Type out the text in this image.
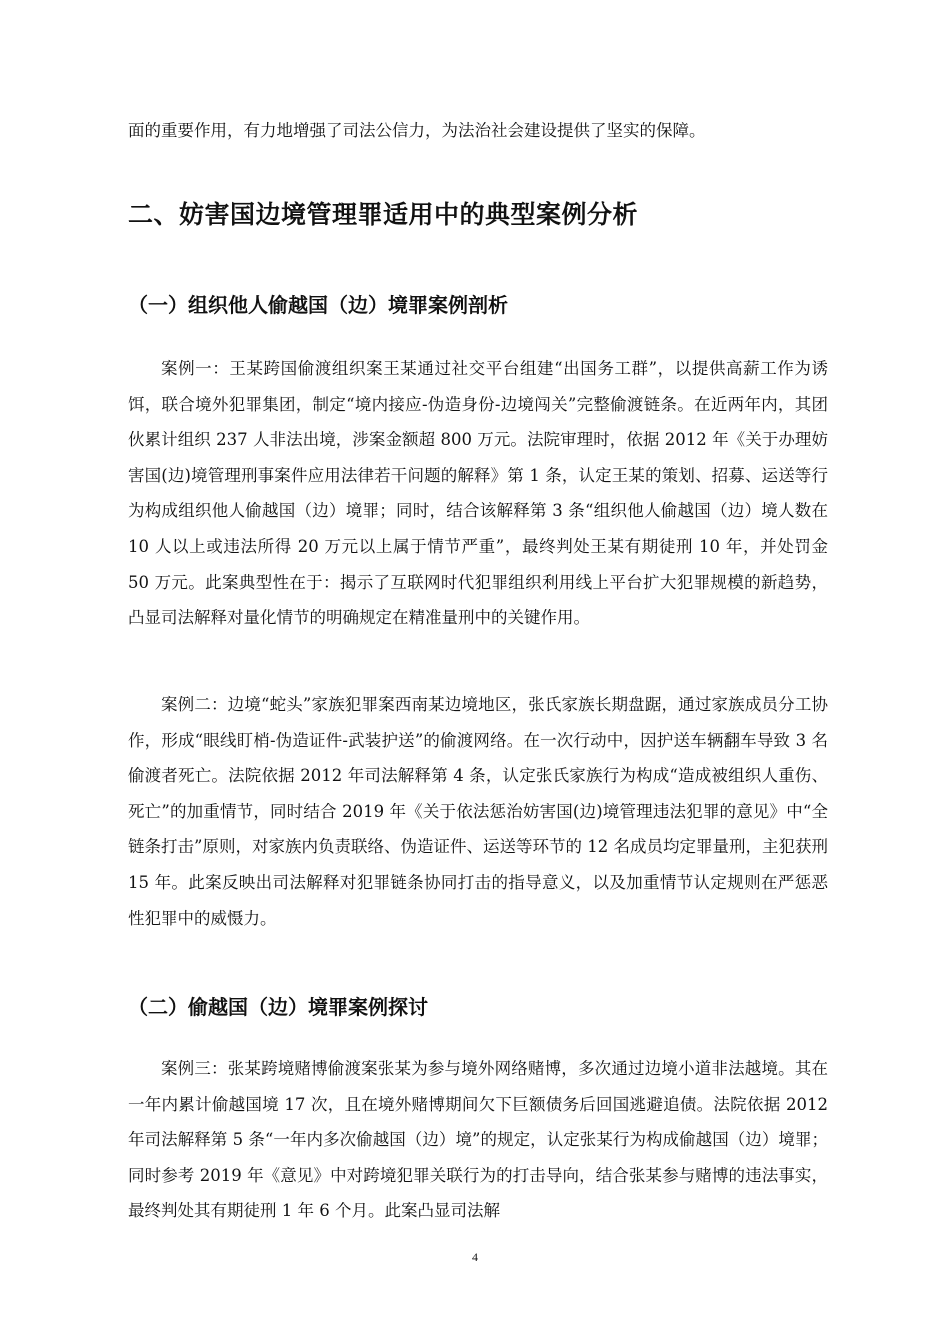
面的重要作用，有力地增强了司法公信力，为法治社会建设提供了坚实的保障。

二、妨害国边境管理罪适用中的典型案例分析
（一）组织他人偷越国（边）境罪案例剖析

案例一：王某跨国偷渡组织案王某通过社交平台组建“出国务工群”，以提供高薪工作为诱饵，联合境外犯罪集团，制定“境内接应-伪造身份-边境闯关”完整偷渡链条。在近两年内，其团伙累计组织 237 人非法出境，涉案金额超 800 万元。法院审理时，依据 2012 年《关于办理妨害国(边)境管理刑事案件应用法律若干问题的解释》第 1 条，认定王某的策划、招募、运送等行为构成组织他人偷越国（边）境罪；同时，结合该解释第 3 条“组织他人偷越国（边）境人数在 10 人以上或违法所得 20 万元以上属于情节严重”，最终判处王某有期徒刑 10 年，并处罚金 50 万元。此案典型性在于：揭示了互联网时代犯罪组织利用线上平台扩大犯罪规模的新趋势，凸显司法解释对量化情节的明确规定在精准量刑中的关键作用。

案例二：边境“蛇头”家族犯罪案西南某边境地区，张氏家族长期盘踞，通过家族成员分工协作，形成“眼线盯梢-伪造证件-武装护送”的偷渡网络。在一次行动中，因护送车辆翻车导致 3 名偷渡者死亡。法院依据 2012 年司法解释第 4 条，认定张氏家族行为构成“造成被组织人重伤、死亡”的加重情节，同时结合 2019 年《关于依法惩治妨害国(边)境管理违法犯罪的意见》中“全链条打击”原则，对家族内负责联络、伪造证件、运送等环节的 12 名成员均定罪量刑，主犯获刑 15 年。此案反映出司法解释对犯罪链条协同打击的指导意义，以及加重情节认定规则在严惩恶性犯罪中的威慑力。

（二）偷越国（边）境罪案例探讨

案例三：张某跨境赌博偷渡案张某为参与境外网络赌博，多次通过边境小道非法越境。其在一年内累计偷越国境 17 次，且在境外赌博期间欠下巨额债务后回国逃避追债。法院依据 2012 年司法解释第 5 条“一年内多次偷越国（边）境”的规定，认定张某行为构成偷越国（边）境罪；同时参考 2019 年《意见》中对跨境犯罪关联行为的打击导向，结合张某参与赌博的违法事实，最终判处其有期徒刑 1 年 6 个月。此案凸显司法解

4
